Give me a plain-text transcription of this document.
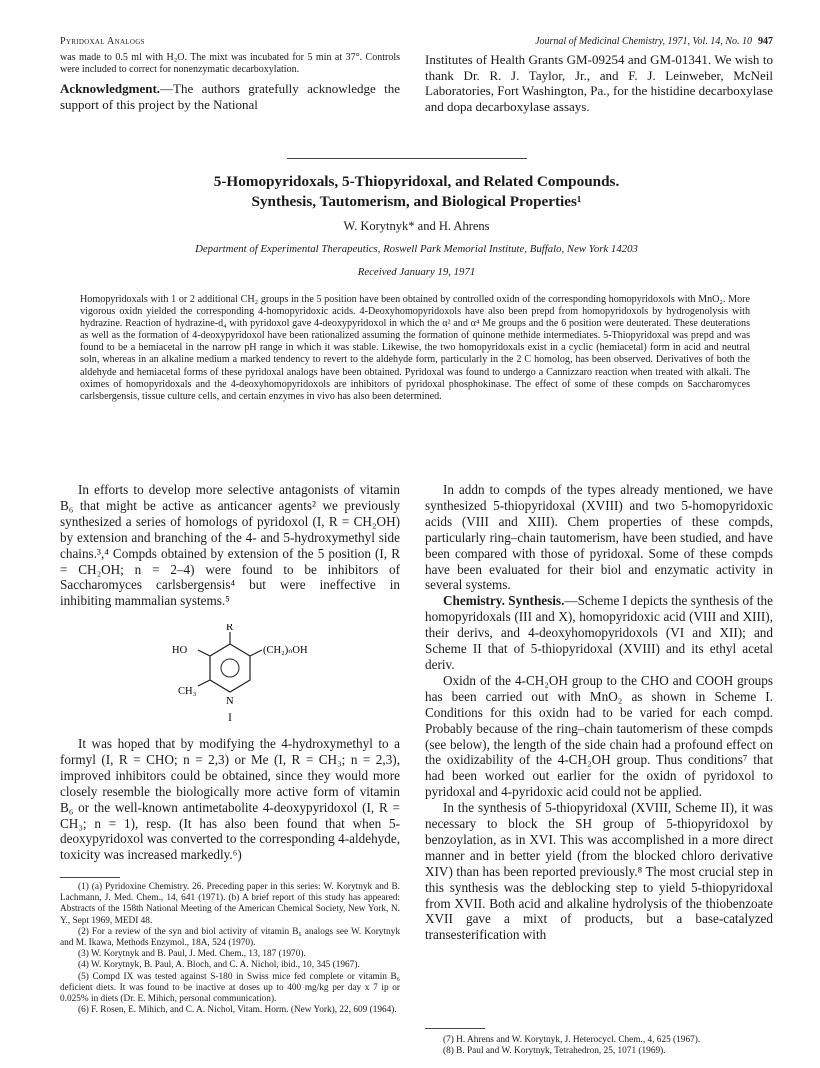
Pyridoxal Analogs	Journal of Medicinal Chemistry, 1971, Vol. 14, No. 10 947

was made to 0.5 ml with H₂O. The mixt was incubated for 5 min at 37°. Controls were included to correct for nonenzymatic decarboxylation.

Acknowledgment.—The authors gratefully acknowledge the support of this project by the National

Institutes of Health Grants GM-09254 and GM-01341. We wish to thank Dr. R. J. Taylor, Jr., and F. J. Leinweber, McNeil Laboratories, Fort Washington, Pa., for the histidine decarboxylase and dopa decarboxylase assays.

5-Homopyridoxals, 5-Thiopyridoxal, and Related Compounds.
Synthesis, Tautomerism, and Biological Properties¹
W. Korytnyk* and H. Ahrens
Department of Experimental Therapeutics, Roswell Park Memorial Institute, Buffalo, New York 14203
Received January 19, 1971
Homopyridoxals with 1 or 2 additional CH₂ groups in the 5 position have been obtained by controlled oxidn of the corresponding homopyridoxols with MnO₂. More vigorous oxidn yielded the corresponding 4-homopyridoxic acids. 4-Deoxyhomopyridoxols have also been prepd from homopyridoxols by hydrogenolysis with hydrazine. Reaction of hydrazine-d₄ with pyridoxol gave 4-deoxypyridoxol in which the α² and α⁴ Me groups and the 6 position were deuterated. These deuterations as well as the formation of 4-deoxypyridoxol have been rationalized assuming the formation of quinone methide intermediates. 5-Thiopyridoxal was prepd and was found to be a hemiacetal in the narrow pH range in which it was stable. Likewise, the two homopyridoxals exist in a cyclic (hemiacetal) form in acid and neutral soln, whereas in an alkaline medium a marked tendency to revert to the aldehyde form, particularly in the 2 C homolog, has been observed. Derivatives of both the aldehyde and hemiacetal forms of these pyridoxal analogs have been obtained. Pyridoxal was found to undergo a Cannizzaro reaction when treated with alkali. The oximes of homopyridoxals and the 4-deoxyhomopyridoxols are inhibitors of pyridoxal phosphokinase. The effect of some of these compds on Saccharomyces carlsbergensis, tissue culture cells, and certain enzymes in vivo has also been determined.

In efforts to develop more selective antagonists of vitamin B₆ that might be active as anticancer agents² we previously synthesized a series of homologs of pyridoxol (I, R = CH₂OH) by extension and branching of the 4- and 5-hydroxymethyl side chains.³,⁴ Compds obtained by extension of the 5 position (I, R = CH₂OH; n = 2–4) were found to be inhibitors of Saccharomyces carlsbergensis⁴ but were ineffective in inhibiting mammalian systems.⁵

R
HO	(CH₂)ₙOH
CH₃
N
I

It was hoped that by modifying the 4-hydroxymethyl to a formyl (I, R = CHO; n = 2,3) or Me (I, R = CH₃; n = 2,3), improved inhibitors could be obtained, since they would more closely resemble the biologically more active form of vitamin B₆ or the well-known antimetabolite 4-deoxypyridoxol (I, R = CH₃; n = 1), resp. (It has also been found that when 5-deoxypyridoxol was converted to the corresponding 4-aldehyde, toxicity was increased markedly.⁶)

(1) (a) Pyridoxine Chemistry. 26. Preceding paper in this series: W. Korytnyk and B. Lachmann, J. Med. Chem., 14, 641 (1971). (b) A brief report of this study has appeared: Abstracts of the 158th National Meeting of the American Chemical Society, New York, N. Y., Sept 1969, MEDI 48.

(2) For a review of the syn and biol activity of vitamin B₆ analogs see W. Korytnyk and M. Ikawa, Methods Enzymol., 18A, 524 (1970).

(3) W. Korytnyk and B. Paul, J. Med. Chem., 13, 187 (1970).

(4) W. Korytnyk, B. Paul, A. Bloch, and C. A. Nichol, ibid., 10, 345 (1967).

(5) Compd IX was tested against S-180 in Swiss mice fed complete or vitamin B₆ deficient diets. It was found to be inactive at doses up to 400 mg/kg per day x 7 ip or 0.025% in diets (Dr. E. Mihich, personal communication).

(6) F. Rosen, E. Mihich, and C. A. Nichol, Vitam. Horm. (New York), 22, 609 (1964).

In addn to compds of the types already mentioned, we have synthesized 5-thiopyridoxal (XVIII) and two 5-homopyridoxic acids (VIII and XIII). Chem properties of these compds, particularly ring–chain tautomerism, have been studied, and have been compared with those of pyridoxal. Some of these compds have been evaluated for their biol and enzymatic activity in several systems.

Chemistry. Synthesis.—Scheme I depicts the synthesis of the homopyridoxals (III and X), homopyridoxic acid (VIII and XIII), their derivs, and 4-deoxyhomopyridoxols (VI and XII); and Scheme II that of 5-thiopyridoxal (XVIII) and its ethyl acetal deriv.

Oxidn of the 4-CH₂OH group to the CHO and COOH groups has been carried out with MnO₂ as shown in Scheme I. Conditions for this oxidn had to be varied for each compd. Probably because of the ring–chain tautomerism of these compds (see below), the length of the side chain had a profound effect on the oxidizability of the 4-CH₂OH group. Thus conditions⁷ that had been worked out earlier for the oxidn of pyridoxol to pyridoxal and 4-pyridoxic acid could not be applied.

In the synthesis of 5-thiopyridoxal (XVIII, Scheme II), it was necessary to block the SH group of 5-thiopyridoxol by benzoylation, as in XVI. This was accomplished in a more direct manner and in better yield (from the blocked chloro derivative XIV) than has been reported previously.⁸ The most crucial step in this synthesis was the deblocking step to yield 5-thiopyridoxal from XVII. Both acid and alkaline hydrolysis of the thiobenzoate XVII gave a mixt of products, but a base-catalyzed transesterification with

(7) H. Ahrens and W. Korytnyk, J. Heterocycl. Chem., 4, 625 (1967).

(8) B. Paul and W. Korytnyk, Tetrahedron, 25, 1071 (1969).
